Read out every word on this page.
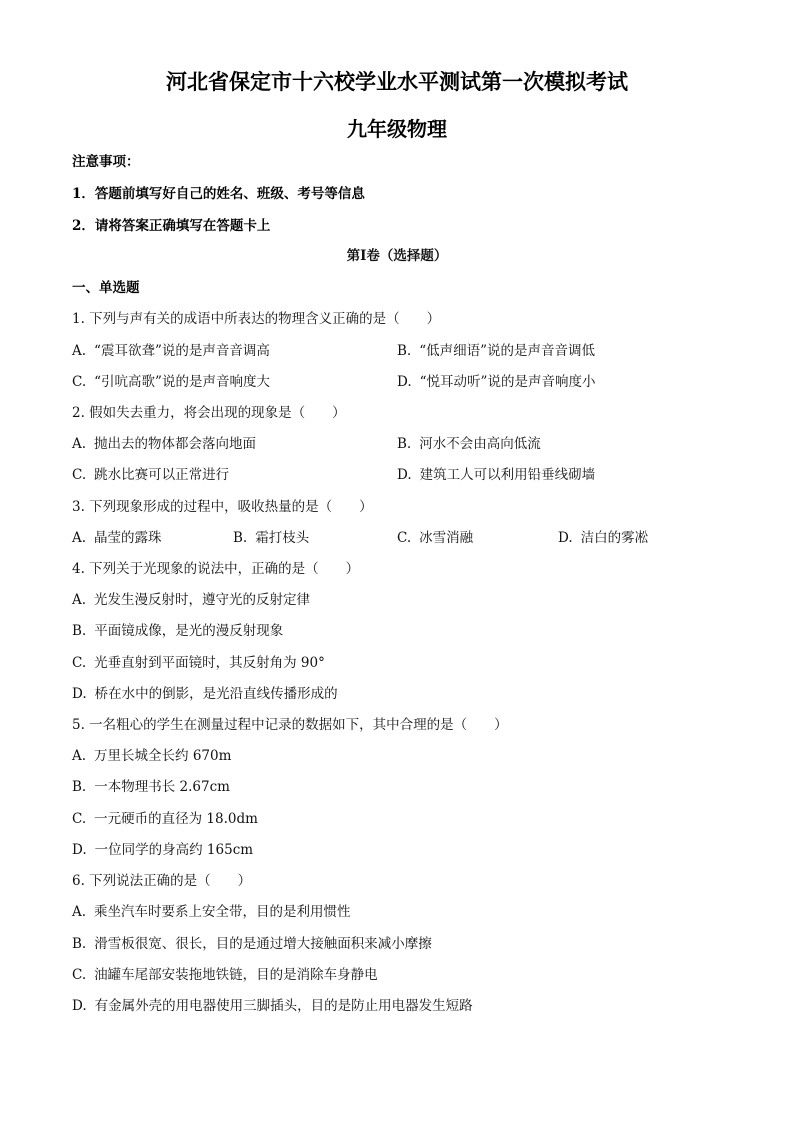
河北省保定市十六校学业水平测试第一次模拟考试
九年级物理
注意事项：
1．答题前填写好自己的姓名、班级、考号等信息
2．请将答案正确填写在答题卡上
第I卷（选择题）
一、单选题
1. 下列与声有关的成语中所表达的物理含义正确的是（　　）
A. “震耳欲聋”说的是声音音调高	B. “低声细语”说的是声音音调低
C. “引吭高歌”说的是声音响度大	D. “悦耳动听”说的是声音响度小
2. 假如失去重力，将会出现的现象是（　　）
A. 抛出去的物体都会落向地面	B. 河水不会由高向低流
C. 跳水比赛可以正常进行	D. 建筑工人可以利用铅垂线砌墙
3. 下列现象形成的过程中，吸收热量的是（　　）
A. 晶莹的露珠	B. 霜打枝头	C. 冰雪消融	D. 洁白的雾凇
4. 下列关于光现象的说法中，正确的是（　　）
A. 光发生漫反射时，遵守光的反射定律
B. 平面镜成像，是光的漫反射现象
C. 光垂直射到平面镜时，其反射角为 90°
D. 桥在水中的倒影，是光沿直线传播形成的
5. 一名粗心的学生在测量过程中记录的数据如下，其中合理的是（　　）
A. 万里长城全长约 670m
B. 一本物理书长 2.67cm
C. 一元硬币的直径为 18.0dm
D. 一位同学的身高约 165cm
6. 下列说法正确的是（　　）
A. 乘坐汽车时要系上安全带，目的是利用惯性
B. 滑雪板很宽、很长，目的是通过增大接触面积来减小摩擦
C. 油罐车尾部安装拖地铁链，目的是消除车身静电
D. 有金属外壳的用电器使用三脚插头，目的是防止用电器发生短路
